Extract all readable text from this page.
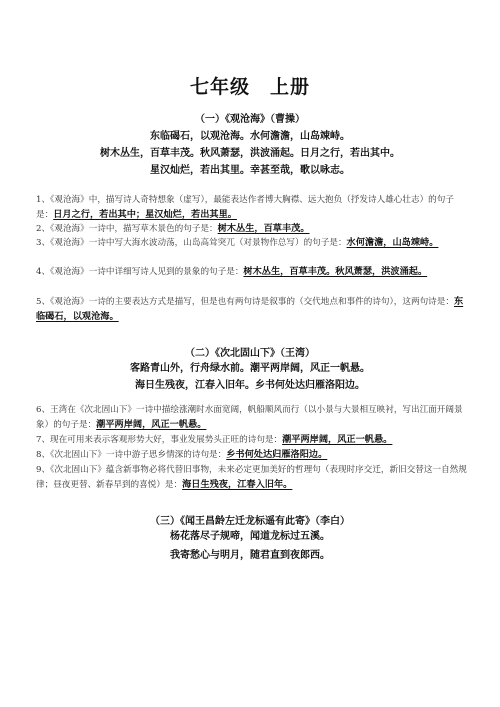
七年级　上册
（一）《观沧海》（曹操）
东临碣石，以观沧海。水何澹澹，山岛竦峙。
树木丛生，百草丰茂。秋风萧瑟，洪波涌起。日月之行，若出其中。
星汉灿烂，若出其里。幸甚至哉，歌以咏志。
1、《观沧海》中，描写诗人奇特想象（虚写），最能表达作者博大胸襟、远大抱负（抒发诗人雄心壮志）的句子是：日月之行，若出其中；星汉灿烂，若出其里。
2、《观沧海》一诗中，描写草木景色的句子是：树木丛生，百草丰茂。
3、《观沧海》一诗中写大海水波动荡，山岛高耸突兀（对景物作总写）的句子是：水何澹澹，山岛竦峙。
4、《观沧海》一诗中详细写诗人见到的景象的句子是：树木丛生，百草丰茂。秋风萧瑟，洪波涌起。
5、《观沧海》一诗的主要表达方式是描写，但是也有两句诗是叙事的（交代地点和事件的诗句），这两句诗是：东临碣石，以观沧海。
（二）《次北固山下》（王湾）
客路青山外，行舟绿水前。潮平两岸阔，风正一帆悬。
海日生残夜，江春入旧年。乡书何处达归雁洛阳边。
6、王湾在《次北固山下》一诗中描绘涨潮时水面宽阔，帆船顺风而行（以小景与大景相互映衬，写出江面开阔景象）的句子是：潮平两岸阔，风正一帆悬。
7、现在可用来表示客观形势大好，事业发展势头正旺的诗句是：潮平两岸阔，风正一帆悬。
8、《次北固山下》一诗中游子思乡情深的诗句是：乡书何处达归雁洛阳边。
9、《次北固山下》蕴含新事物必将代替旧事物，未来必定更加美好的哲理句（表现时序交迁，新旧交替这一自然规律；昼夜更替、新春早到的喜悦）是：海日生残夜，江春入旧年。
（三）《闻王昌龄左迁龙标遥有此寄》（李白）
杨花落尽子规啼，闻道龙标过五溪。
我寄愁心与明月，随君直到夜郎西。
